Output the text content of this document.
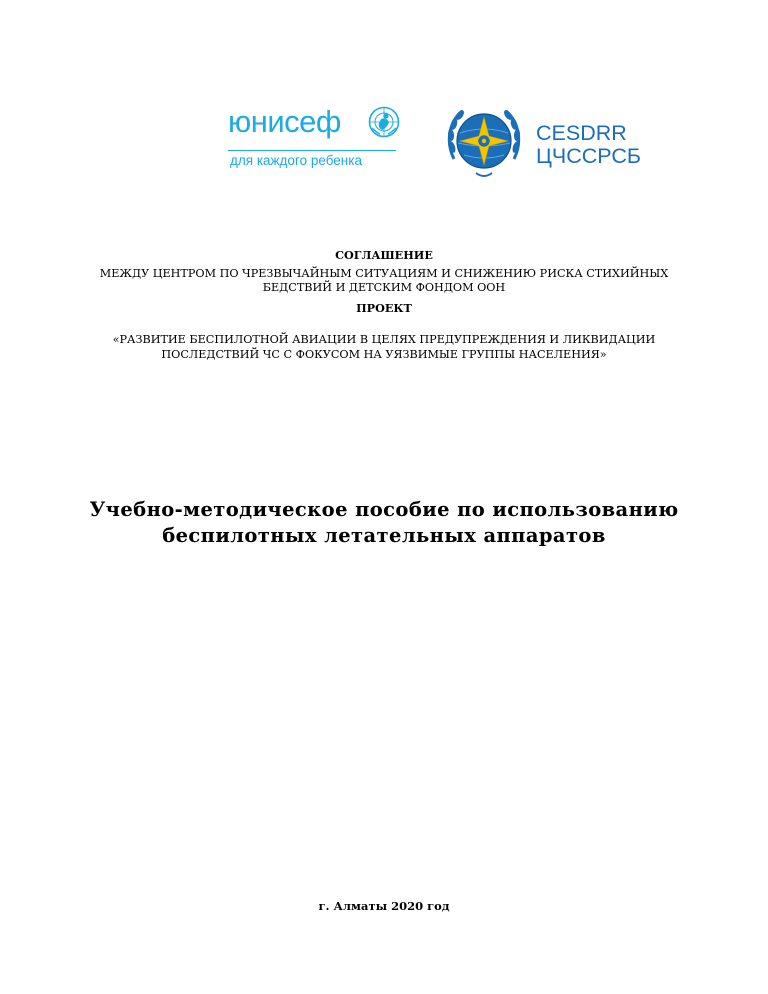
юнисеф
для каждого ребенка
CESDRR
ЦЧССРСБ
СОГЛАШЕНИЕ
МЕЖДУ ЦЕНТРОМ ПО ЧРЕЗВЫЧАЙНЫМ СИТУАЦИЯМ И СНИЖЕНИЮ РИСКА СТИХИЙНЫХ
БЕДСТВИЙ И ДЕТСКИМ ФОНДОМ ООН
ПРОЕКТ
«РАЗВИТИЕ БЕСПИЛОТНОЙ АВИАЦИИ В ЦЕЛЯХ ПРЕДУПРЕЖДЕНИЯ И ЛИКВИДАЦИИ
ПОСЛЕДСТВИЙ ЧС С ФОКУСОМ НА УЯЗВИМЫЕ ГРУППЫ НАСЕЛЕНИЯ»
Учебно-методическое пособие по использованию
беспилотных летательных аппаратов
г. Алматы 2020 год
